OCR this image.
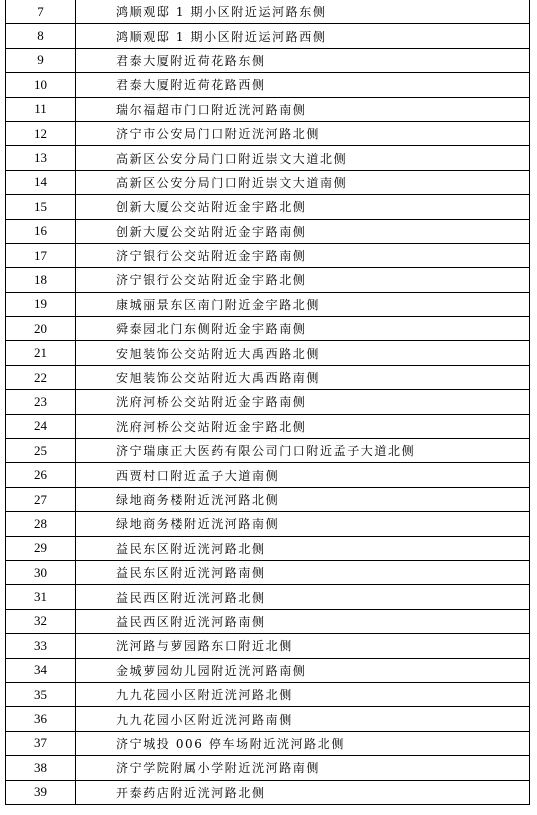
7	鸿顺观邸 1 期小区附近运河路东侧
8	鸿顺观邸 1 期小区附近运河路西侧
9	君泰大厦附近荷花路东侧
10	君泰大厦附近荷花路西侧
11	瑞尔福超市门口附近洸河路南侧
12	济宁市公安局门口附近洸河路北侧
13	高新区公安分局门口附近崇文大道北侧
14	高新区公安分局门口附近崇文大道南侧
15	创新大厦公交站附近金宇路北侧
16	创新大厦公交站附近金宇路南侧
17	济宁银行公交站附近金宇路南侧
18	济宁银行公交站附近金宇路北侧
19	康城丽景东区南门附近金宇路北侧
20	舜泰园北门东侧附近金宇路南侧
21	安旭装饰公交站附近大禹西路北侧
22	安旭装饰公交站附近大禹西路南侧
23	洸府河桥公交站附近金宇路南侧
24	洸府河桥公交站附近金宇路北侧
25	济宁瑞康正大医药有限公司门口附近孟子大道北侧
26	西贾村口附近孟子大道南侧
27	绿地商务楼附近洸河路北侧
28	绿地商务楼附近洸河路南侧
29	益民东区附近洸河路北侧
30	益民东区附近洸河路南侧
31	益民西区附近洸河路北侧
32	益民西区附近洸河路南侧
33	洸河路与萝园路东口附近北侧
34	金城萝园幼儿园附近洸河路南侧
35	九九花园小区附近洸河路北侧
36	九九花园小区附近洸河路南侧
37	济宁城投 006 停车场附近洸河路北侧
38	济宁学院附属小学附近洸河路南侧
39	开泰药店附近洸河路北侧
